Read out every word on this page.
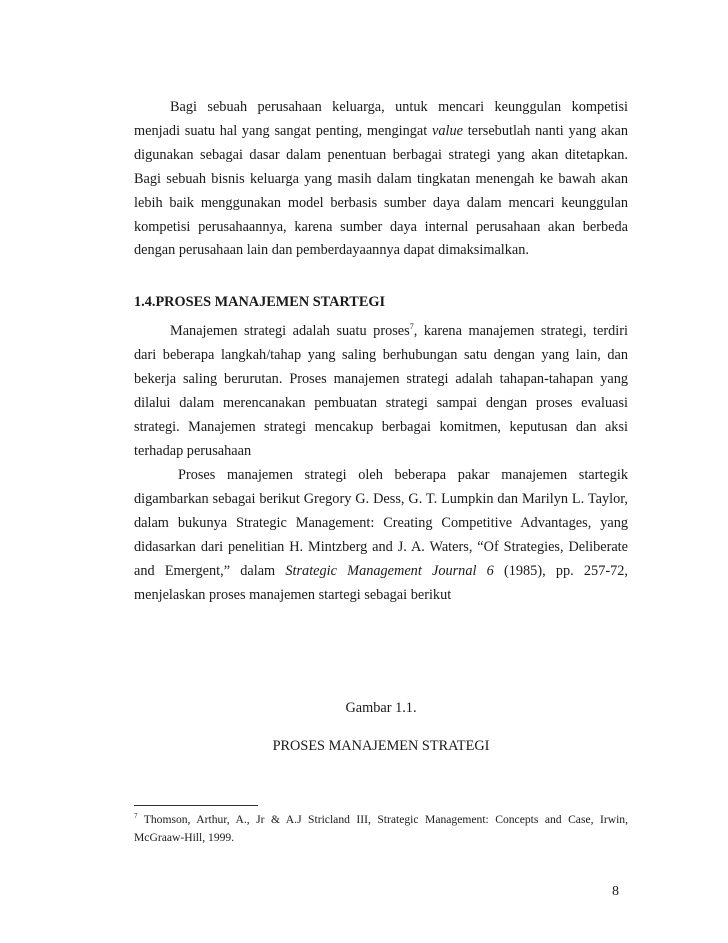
Bagi sebuah perusahaan keluarga, untuk mencari keunggulan kompetisi menjadi suatu hal yang sangat penting, mengingat value tersebutlah nanti yang akan digunakan sebagai dasar dalam penentuan berbagai strategi yang akan ditetapkan. Bagi sebuah bisnis keluarga yang masih dalam tingkatan menengah ke bawah akan lebih baik menggunakan model berbasis sumber daya dalam mencari keunggulan kompetisi perusahaannya, karena sumber daya internal perusahaan akan berbeda dengan perusahaan lain dan pemberdayaannya dapat dimaksimalkan.

1.4.PROSES MANAJEMEN STARTEGI

Manajemen strategi adalah suatu proses$^7$, karena manajemen strategi, terdiri dari beberapa langkah/tahap yang saling berhubungan satu dengan yang lain, dan bekerja saling berurutan. Proses manajemen strategi adalah tahapan-tahapan yang dilalui dalam merencanakan pembuatan strategi sampai dengan proses evaluasi strategi. Manajemen strategi mencakup berbagai komitmen, keputusan dan aksi terhadap perusahaan

Proses manajemen strategi oleh beberapa pakar manajemen startegik digambarkan sebagai berikut Gregory G. Dess, G. T. Lumpkin dan Marilyn L. Taylor, dalam bukunya Strategic Management: Creating Competitive Advantages, yang didasarkan dari penelitian H. Mintzberg and J. A. Waters, “Of Strategies, Deliberate and Emergent,” dalam Strategic Management Journal 6 (1985), pp. 257-72, menjelaskan proses manajemen startegi sebagai berikut

Gambar 1.1.
PROSES MANAJEMEN STRATEGI
$^7$ Thomson, Arthur, A., Jr & A.J Stricland III, Strategic Management: Concepts and Case, Irwin, McGraaw-Hill, 1999.
8
